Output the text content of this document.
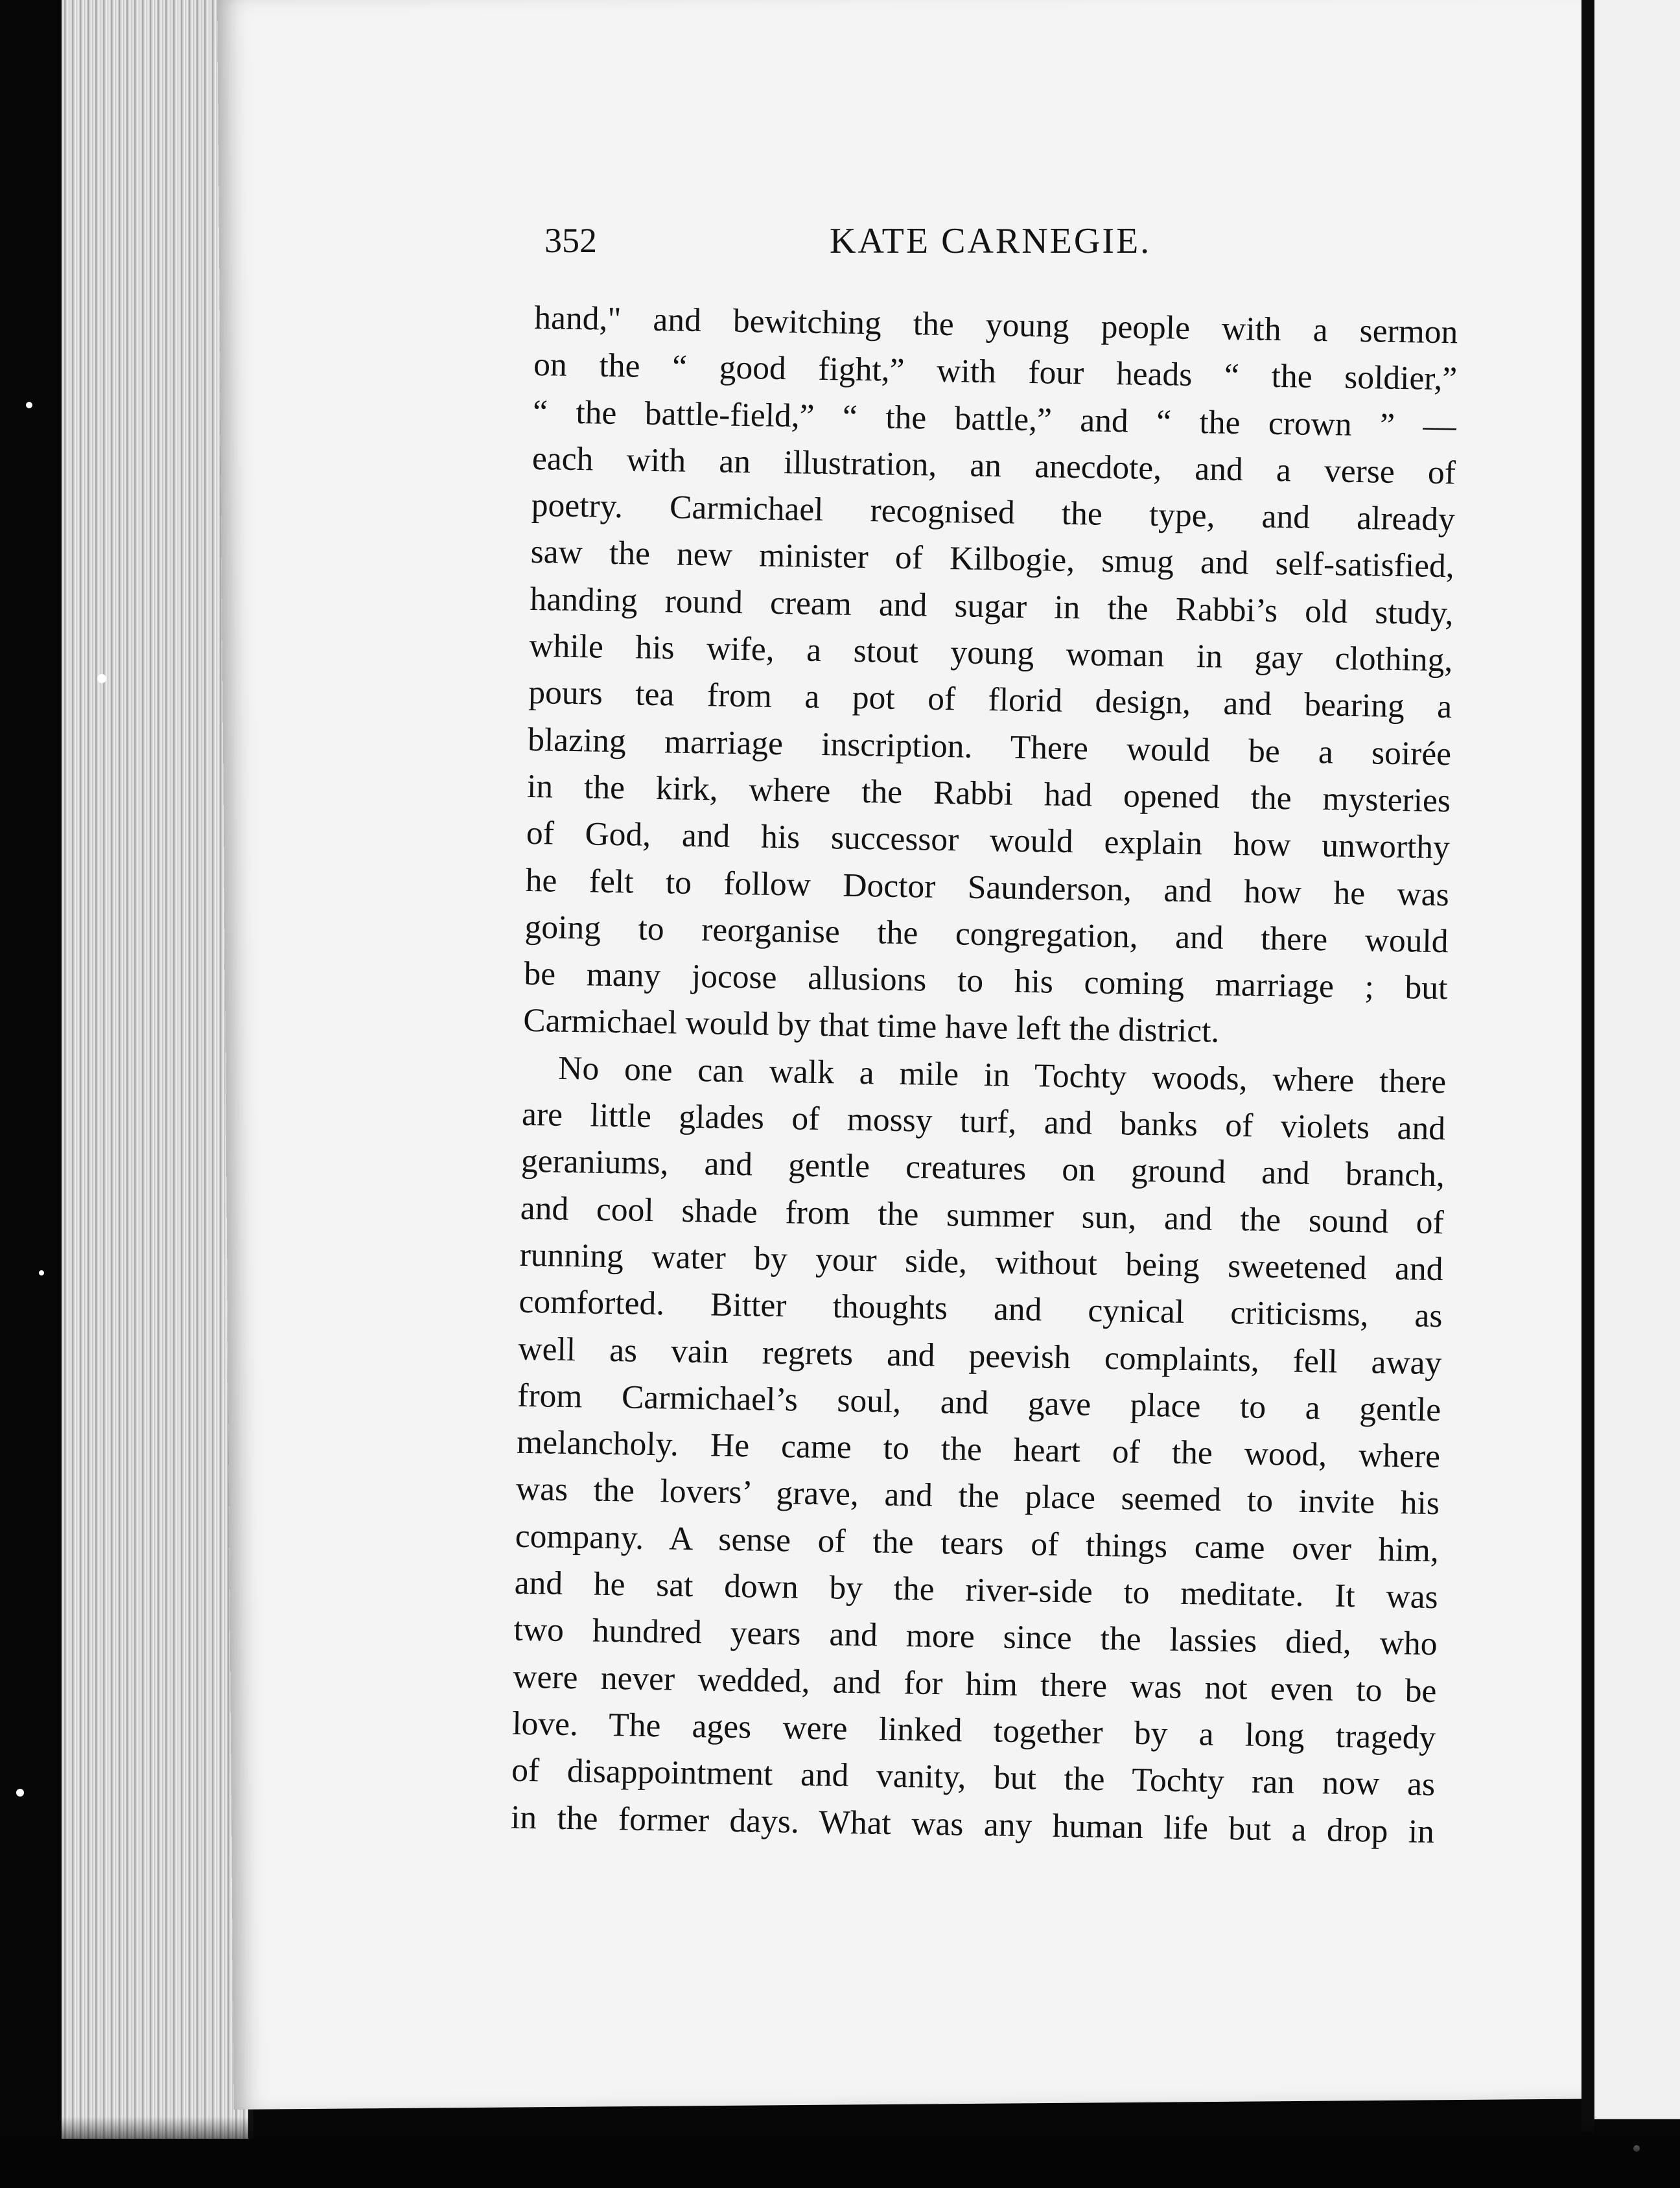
352	KATE CARNEGIE.
hand," and bewitching the young people with a sermon
on the “ good fight,” with four heads “ the soldier,”
“ the battle-field,” “ the battle,” and “ the crown ” —
each with an illustration, an anecdote, and a verse of
poetry. Carmichael recognised the type, and already
saw the new minister of Kilbogie, smug and self-satisfied,
handing round cream and sugar in the Rabbi’s old study,
while his wife, a stout young woman in gay clothing,
pours tea from a pot of florid design, and bearing a
blazing marriage inscription. There would be a soirée
in the kirk, where the Rabbi had opened the mysteries
of God, and his successor would explain how unworthy
he felt to follow Doctor Saunderson, and how he was
going to reorganise the congregation, and there would
be many jocose allusions to his coming marriage ; but
Carmichael would by that time have left the district.
No one can walk a mile in Tochty woods, where there
are little glades of mossy turf, and banks of violets and
geraniums, and gentle creatures on ground and branch,
and cool shade from the summer sun, and the sound of
running water by your side, without being sweetened and
comforted. Bitter thoughts and cynical criticisms, as
well as vain regrets and peevish complaints, fell away
from Carmichael’s soul, and gave place to a gentle
melancholy. He came to the heart of the wood, where
was the lovers’ grave, and the place seemed to invite his
company. A sense of the tears of things came over him,
and he sat down by the river-side to meditate. It was
two hundred years and more since the lassies died, who
were never wedded, and for him there was not even to be
love. The ages were linked together by a long tragedy
of disappointment and vanity, but the Tochty ran now as
in the former days. What was any human life but a drop in
